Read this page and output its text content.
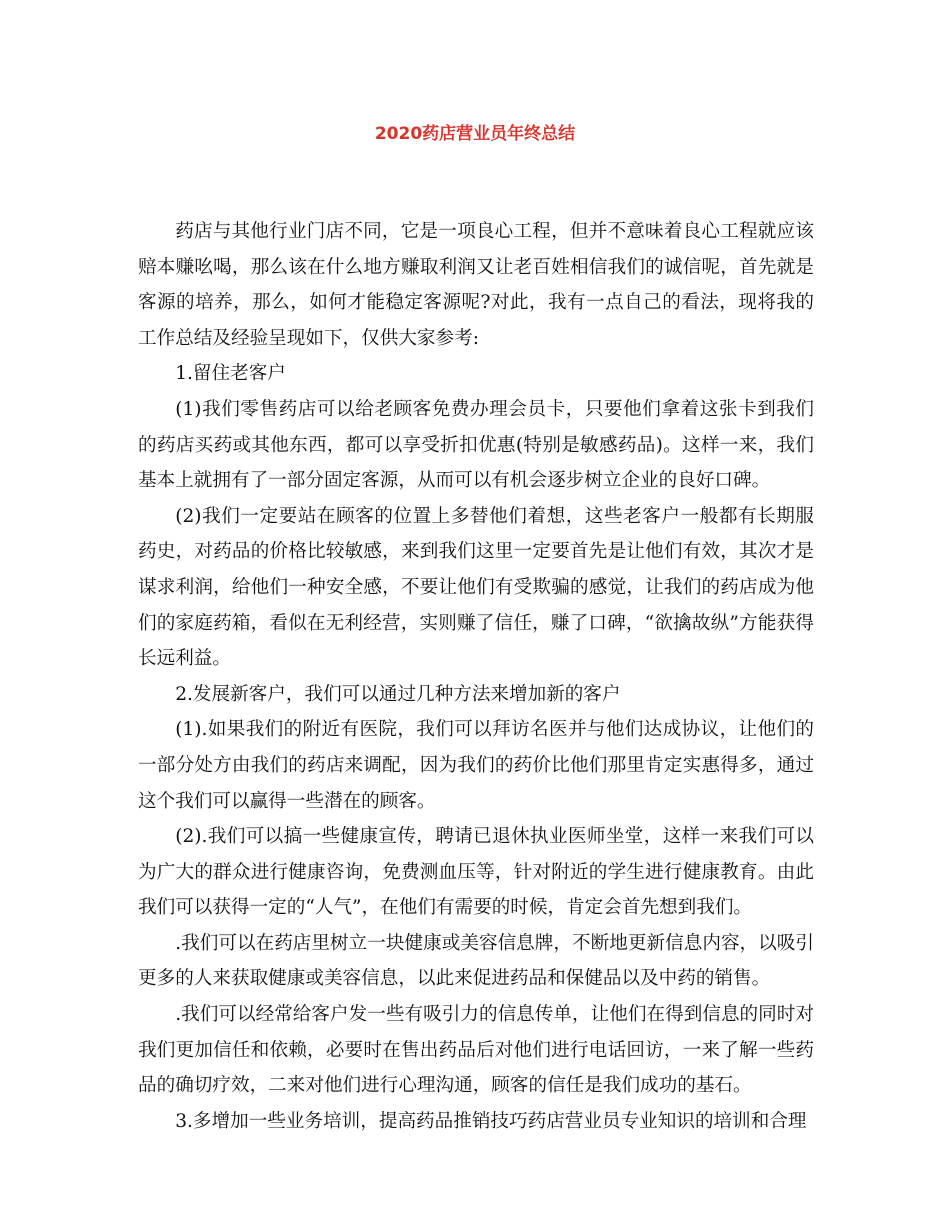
2020药店营业员年终总结

药店与其他行业门店不同，它是一项良心工程，但并不意味着良心工程就应该赔本赚吆喝，那么该在什么地方赚取利润又让老百姓相信我们的诚信呢，首先就是客源的培养，那么，如何才能稳定客源呢?对此，我有一点自己的看法，现将我的工作总结及经验呈现如下，仅供大家参考:

1.留住老客户

(1)我们零售药店可以给老顾客免费办理会员卡，只要他们拿着这张卡到我们的药店买药或其他东西，都可以享受折扣优惠(特别是敏感药品)。这样一来，我们基本上就拥有了一部分固定客源，从而可以有机会逐步树立企业的良好口碑。

(2)我们一定要站在顾客的位置上多替他们着想，这些老客户一般都有长期服药史，对药品的价格比较敏感，来到我们这里一定要首先是让他们有效，其次才是谋求利润，给他们一种安全感，不要让他们有受欺骗的感觉，让我们的药店成为他们的家庭药箱，看似在无利经营，实则赚了信任，赚了口碑，“欲擒故纵”方能获得长远利益。

2.发展新客户，我们可以通过几种方法来增加新的客户

(1).如果我们的附近有医院，我们可以拜访名医并与他们达成协议，让他们的一部分处方由我们的药店来调配，因为我们的药价比他们那里肯定实惠得多，通过这个我们可以赢得一些潜在的顾客。

(2).我们可以搞一些健康宣传，聘请已退休执业医师坐堂，这样一来我们可以为广大的群众进行健康咨询，免费测血压等，针对附近的学生进行健康教育。由此我们可以获得一定的“人气”，在他们有需要的时候，肯定会首先想到我们。

.我们可以在药店里树立一块健康或美容信息牌，不断地更新信息内容，以吸引更多的人来获取健康或美容信息，以此来促进药品和保健品以及中药的销售。

.我们可以经常给客户发一些有吸引力的信息传单，让他们在得到信息的同时对我们更加信任和依赖，必要时在售出药品后对他们进行电话回访，一来了解一些药品的确切疗效，二来对他们进行心理沟通，顾客的信任是我们成功的基石。

3.多增加一些业务培训，提高药品推销技巧药店营业员专业知识的培训和合理
